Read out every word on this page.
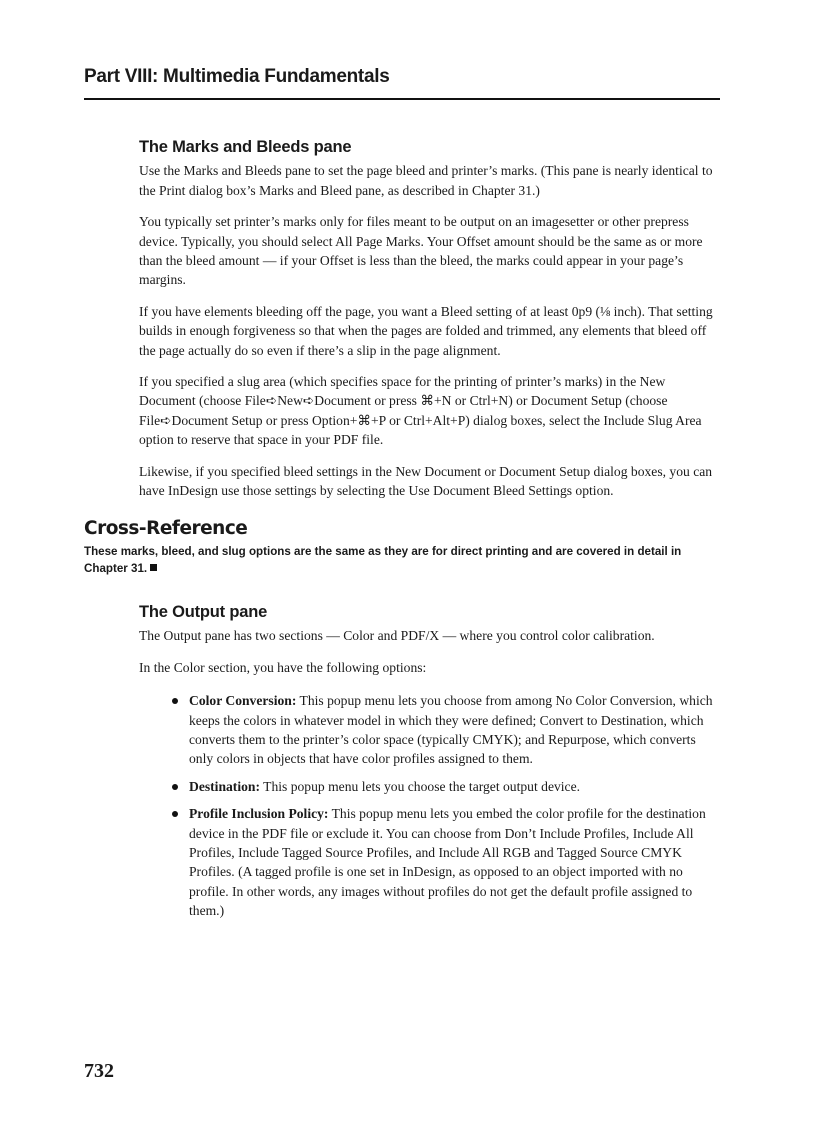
Part VIII: Multimedia Fundamentals
The Marks and Bleeds pane

Use the Marks and Bleeds pane to set the page bleed and printer’s marks. (This pane is nearly identical to the Print dialog box’s Marks and Bleed pane, as described in Chapter 31.)

You typically set printer’s marks only for files meant to be output on an imagesetter or other prepress device. Typically, you should select All Page Marks. Your Offset amount should be the same as or more than the bleed amount — if your Offset is less than the bleed, the marks could appear in your page’s margins.

If you have elements bleeding off the page, you want a Bleed setting of at least 0p9 (⅛ inch). That setting builds in enough forgiveness so that when the pages are folded and trimmed, any elements that bleed off the page actually do so even if there’s a slip in the page alignment.

If you specified a slug area (which specifies space for the printing of printer’s marks) in the New Document (choose File➪New➪Document or press ⌘+N or Ctrl+N) or Document Setup (choose File➪Document Setup or press Option+⌘+P or Ctrl+Alt+P) dialog boxes, select the Include Slug Area option to reserve that space in your PDF file.

Likewise, if you specified bleed settings in the New Document or Document Setup dialog boxes, you can have InDesign use those settings by selecting the Use Document Bleed Settings option.

Cross-Reference
These marks, bleed, and slug options are the same as they are for direct printing and are covered in detail in Chapter 31.
The Output pane

The Output pane has two sections — Color and PDF/X — where you control color calibration.

In the Color section, you have the following options:

Color Conversion: This popup menu lets you choose from among No Color Conversion, which keeps the colors in whatever model in which they were defined; Convert to Destination, which converts them to the printer’s color space (typically CMYK); and Repurpose, which converts only colors in objects that have color profiles assigned to them.
Destination: This popup menu lets you choose the target output device.
Profile Inclusion Policy: This popup menu lets you embed the color profile for the destination device in the PDF file or exclude it. You can choose from Don’t Include Profiles, Include All Profiles, Include Tagged Source Profiles, and Include All RGB and Tagged Source CMYK Profiles. (A tagged profile is one set in InDesign, as opposed to an object imported with no profile. In other words, any images without profiles do not get the default profile assigned to them.)
732
